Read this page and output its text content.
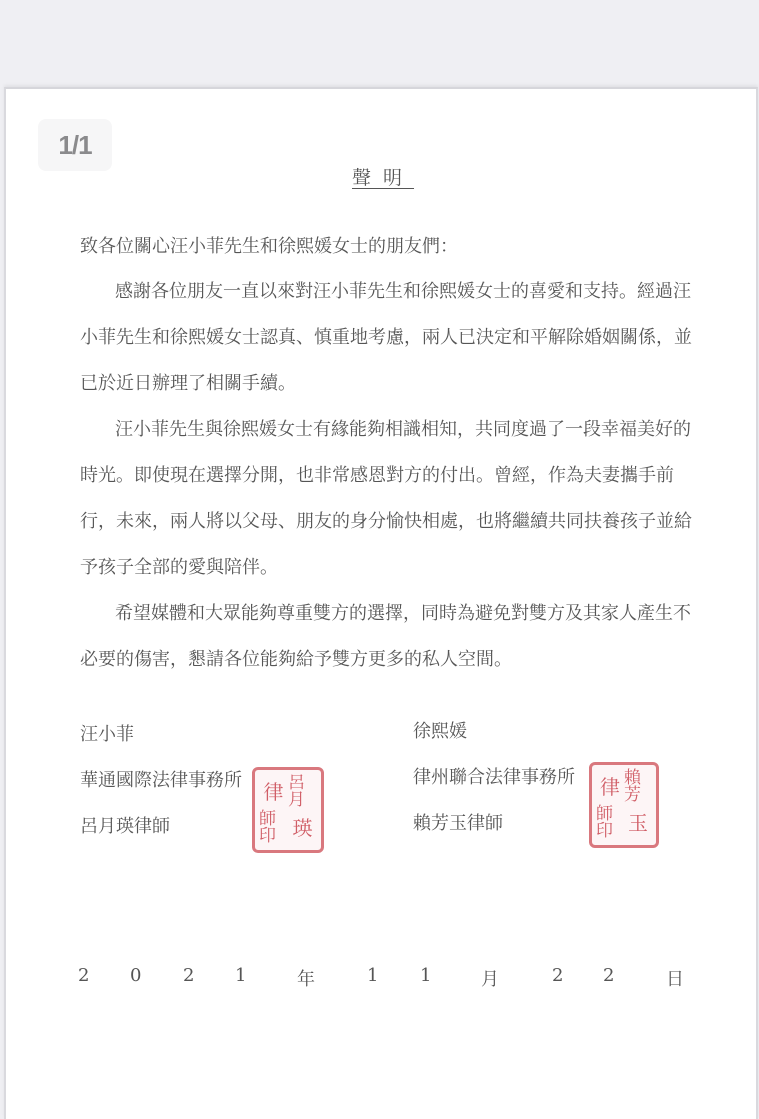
1/1
聲明
致各位關心汪小菲先生和徐熙媛女士的朋友們：
感謝各位朋友一直以來對汪小菲先生和徐熙媛女士的喜愛和支持。經過汪
小菲先生和徐熙媛女士認真、慎重地考慮，兩人已決定和平解除婚姻關係，並
已於近日辦理了相關手續。
汪小菲先生與徐熙媛女士有緣能夠相識相知，共同度過了一段幸福美好的
時光。即使現在選擇分開，也非常感恩對方的付出。曾經，作為夫妻攜手前
行，未來，兩人將以父母、朋友的身分愉快相處，也將繼續共同扶養孩子並給
予孩子全部的愛與陪伴。
希望媒體和大眾能夠尊重雙方的選擇，同時為避免對雙方及其家人產生不
必要的傷害，懇請各位能夠給予雙方更多的私人空間。
汪小菲
華通國際法律事務所
呂月瑛律師
律 呂月
師印 瑛
徐熙媛
律州聯合法律事務所
賴芳玉律師
律 賴芳
師印 玉
2 0 2 1	年	1 1	月	2 2	日
